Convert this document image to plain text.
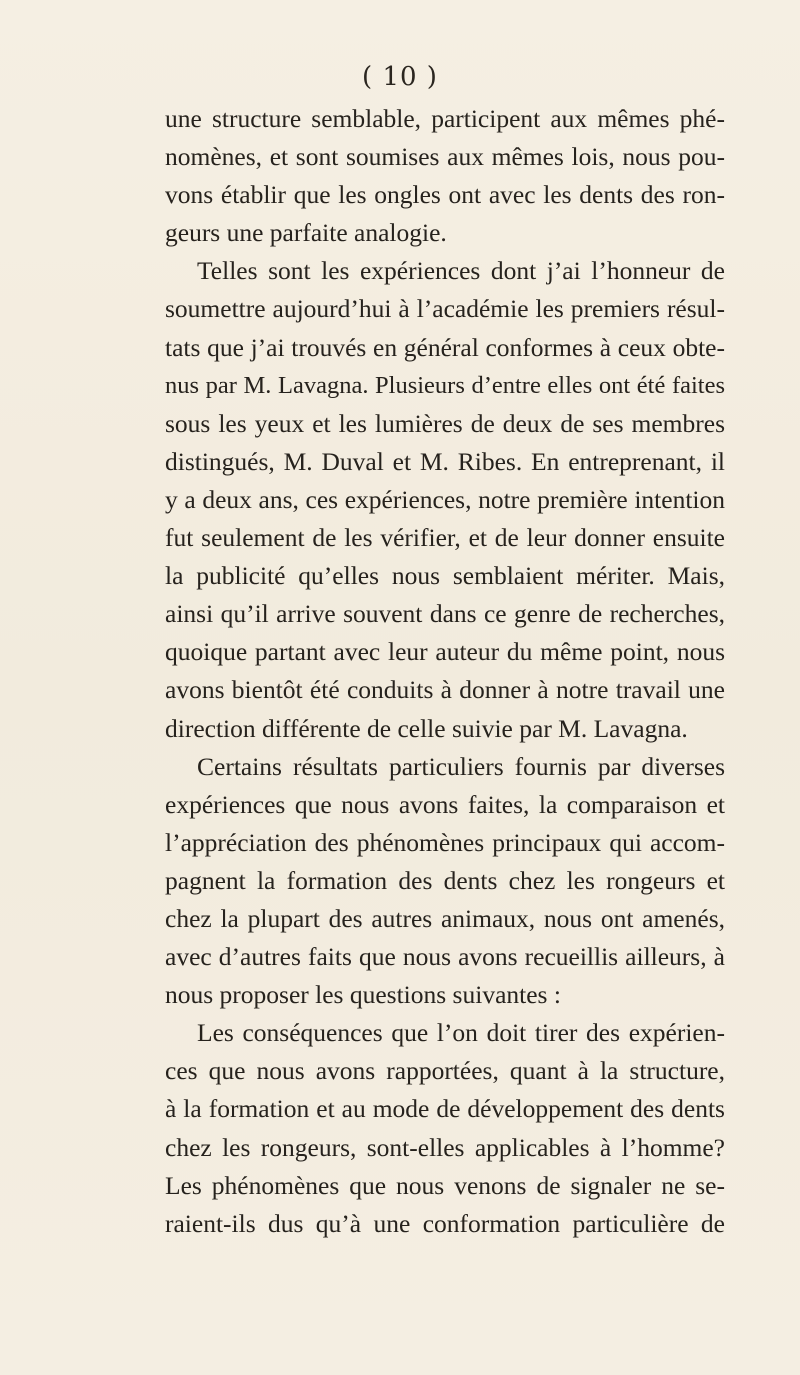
( 10 )
une structure semblable, participent aux mêmes phé-
nomènes, et sont soumises aux mêmes lois, nous pou-
vons établir que les ongles ont avec les dents des ron-
geurs une parfaite analogie.
Telles sont les expériences dont j’ai l’honneur de
soumettre aujourd’hui à l’académie les premiers résul-
tats que j’ai trouvés en général conformes à ceux obte-
nus par M. Lavagna. Plusieurs d’entre elles ont été faites
sous les yeux et les lumières de deux de ses membres
distingués, M. Duval et M. Ribes. En entreprenant, il
y a deux ans, ces expériences, notre première intention
fut seulement de les vérifier, et de leur donner ensuite
la publicité qu’elles nous semblaient mériter. Mais,
ainsi qu’il arrive souvent dans ce genre de recherches,
quoique partant avec leur auteur du même point, nous
avons bientôt été conduits à donner à notre travail une
direction différente de celle suivie par M. Lavagna.
Certains résultats particuliers fournis par diverses
expériences que nous avons faites, la comparaison et
l’appréciation des phénomènes principaux qui accom-
pagnent la formation des dents chez les rongeurs et
chez la plupart des autres animaux, nous ont amenés,
avec d’autres faits que nous avons recueillis ailleurs, à
nous proposer les questions suivantes :
Les conséquences que l’on doit tirer des expérien-
ces que nous avons rapportées, quant à la structure,
à la formation et au mode de développement des dents
chez les rongeurs, sont-elles applicables à l’homme?
Les phénomènes que nous venons de signaler ne se-
raient-ils dus qu’à une conformation particulière de
